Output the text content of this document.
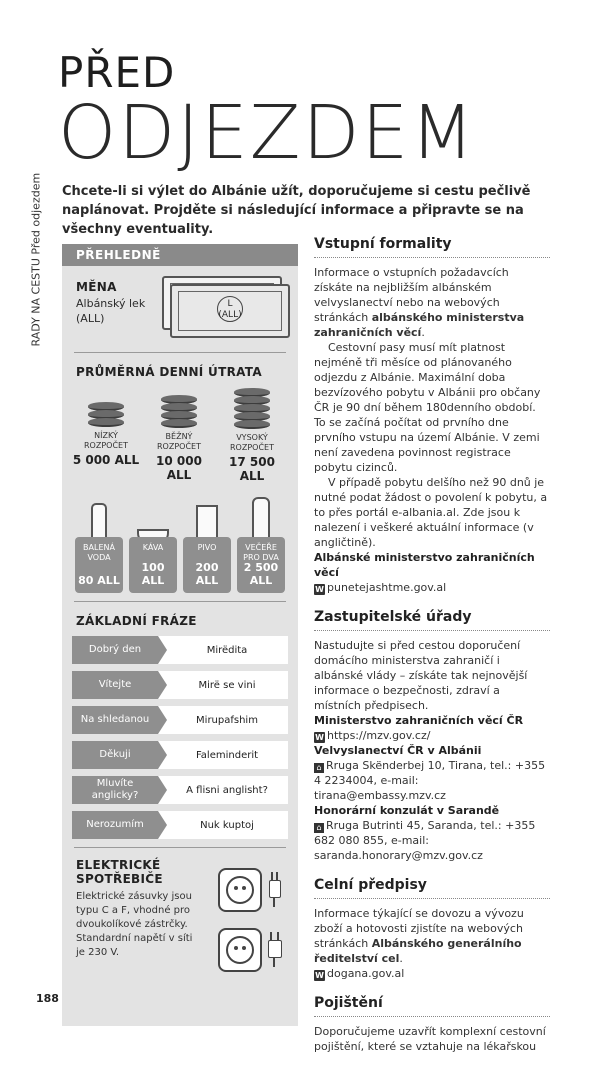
PŘED
ODJEZDEM
RADY NA CESTU Před odjezdem Chcete-li si výlet do Albánie užít, doporučujeme si cestu pečlivě naplánovat. Projděte si následující informace a připravte se na všechny eventuality.
PŘEHLEDNĚ
MĚNA
Albánský lek (ALL)
L (ALL)
PRŮMĚRNÁ DENNÍ ÚTRATA
NÍZKÝ ROZPOČET
5 000 ALL
BĚŽNÝ ROZPOČET
10 000 ALL
VYSOKÝ ROZPOČET
17 500 ALL
BALENÁ VODA
80 ALL
KÁVA
100 ALL
PIVO
200 ALL
VEČEŘE PRO DVA
2 500 ALL
ZÁKLADNÍ FRÁZE
Dobrý den	Mirëdita
Vítejte	Mirë se vini
Na shledanou	Mirupafshim
Děkuji	Faleminderit
Mluvíte anglicky?	A flisni anglisht?
Nerozumím	Nuk kuptoj
ELEKTRICKÉ SPOTŘEBIČE
Elektrické zásuvky jsou typu C a F, vhodné pro dvoukolíkové zástrčky. Standardní napětí v síti je 230 V.
Vstupní formality

Informace o vstupních požadavcích získáte na nejbližším albánském velvyslanectví nebo na webových stránkách albánského ministerstva zahraničních věcí.

Cestovní pasy musí mít platnost nejméně tři měsíce od plánovaného odjezdu z Albánie. Maximální doba bezvízového pobytu v Albánii pro občany ČR je 90 dní během 180denního období. To se začíná počítat od prvního dne prvního vstupu na území Albánie. V zemi není zavedena povinnost registrace pobytu cizinců.

V případě pobytu delšího než 90 dnů je nutné podat žádost o povolení k pobytu, a to přes portál e-albania.al. Zde jsou k nalezení i veškeré aktuální informace (v angličtině).

Albánské ministerstvo zahraničních věcí
W punetejashtme.gov.al
Zastupitelské úřady

Nastudujte si před cestou doporučení domácího ministerstva zahraničí i albánské vlády – získáte tak nejnovější informace o bezpečnosti, zdraví a místních předpisech.

Ministerstvo zahraničních věcí ČR
W https://mzv.gov.cz/
Velvyslanectví ČR v Albánii
⌂ Rruga Skënderbej 10, Tirana, tel.: +355 4 2234004, e-mail: tirana@embassy.mzv.cz
Honorární konzulát v Sarandě
⌂ Rruga Butrinti 45, Saranda, tel.: +355 682 080 855, e-mail: saranda.honorary@mzv.gov.cz
Celní předpisy

Informace týkající se dovozu a vývozu zboží a hotovosti zjistíte na webových stránkách Albánského generálního ředitelství cel.

W dogana.gov.al
Pojištění

Doporučujeme uzavřít komplexní cestovní pojištění, které se vztahuje na lékařskou

188
